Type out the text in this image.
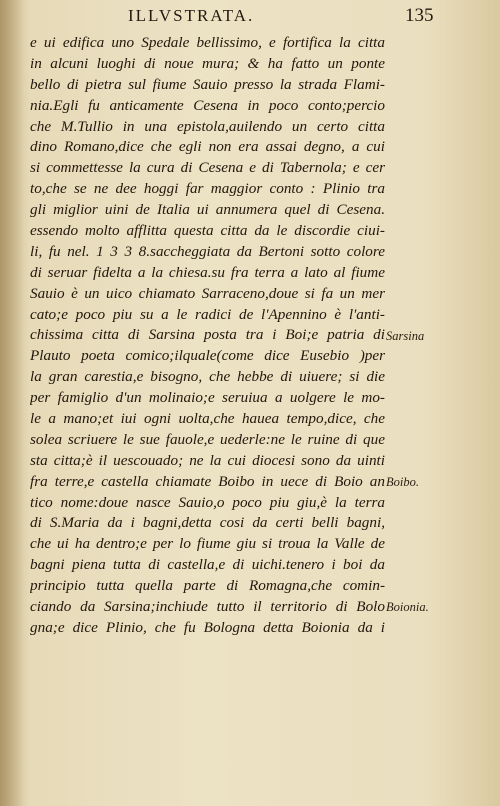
ILLVSTRATA.	135
e ui edifica uno Spedale bellissimo, e fortifica la citta
in alcuni luoghi di noue mura; & ha fatto un ponte
bello di pietra sul fiume Sauio presso la strada Flami-
nia.Egli fu anticamente Cesena in poco conto;percio
che M.Tullio in una epistola,auilendo un certo citta
dino Romano,dice che egli non era assai degno, a cui
si commettesse la cura di Cesena e di Tabernola; e cer
to,che se ne dee hoggi far maggior conto : Plinio tra
gli miglior uini de Italia ui annumera quel di Cesena.
essendo molto afflitta questa citta da le discordie ciui-
li, fu nel. 1 3 3 8.saccheggiata da Bertoni sotto colore
di seruar fidelta a la chiesa.su fra terra a lato al fiume
Sauio è un uico chiamato Sarraceno,doue si fa un mer
cato;e poco piu su a le radici de l'Apennino è l'anti-
chissima citta di Sarsina posta tra i Boi;e patria di
Plauto poeta comico;ilquale(come dice Eusebio )per
la gran carestia,e bisogno, che hebbe di uiuere; si die
per famiglio d'un molinaio;e seruiua a uolgere le mo-
le a mano;et iui ogni uolta,che hauea tempo,dice, che
solea scriuere le sue fauole,e uederle:ne le ruine di que
sta citta;è il uescouado; ne la cui diocesi sono da uinti
fra terre,e castella chiamate Boibo in uece di Boio an
tico nome:doue nasce Sauio,o poco piu giu,è la terra
di S.Maria da i bagni,detta cosi da certi belli bagni,
che ui ha dentro;e per lo fiume giu si troua la Valle de
bagni piena tutta di castella,e di uichi.tenero i boi da
principio tutta quella parte di Romagna,che comin-
ciando da Sarsina;inchiude tutto il territorio di Bolo
gna;e dice Plinio, che fu Bologna detta Boionia da i
Sarsina
Boibo.
Boionia.
